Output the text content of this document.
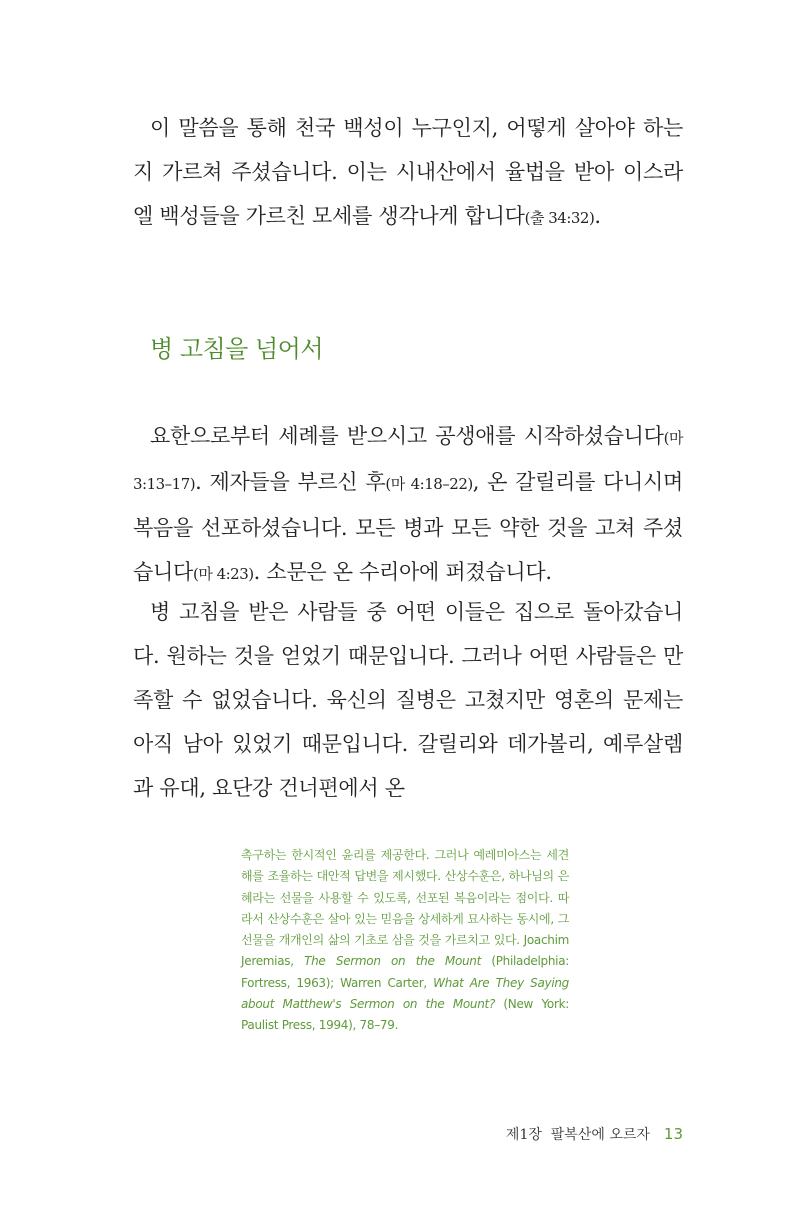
이 말씀을 통해 천국 백성이 누구인지, 어떻게 살아야 하는지 가르쳐 주셨습니다. 이는 시내산에서 율법을 받아 이스라엘 백성들을 가르친 모세를 생각나게 합니다(출 34:32).

병 고침을 넘어서

요한으로부터 세례를 받으시고 공생애를 시작하셨습니다(마 3:13–17). 제자들을 부르신 후(마 4:18–22), 온 갈릴리를 다니시며 복음을 선포하셨습니다. 모든 병과 모든 약한 것을 고쳐 주셨습니다(마 4:23). 소문은 온 수리아에 퍼졌습니다.

병 고침을 받은 사람들 중 어떤 이들은 집으로 돌아갔습니다. 원하는 것을 얻었기 때문입니다. 그러나 어떤 사람들은 만족할 수 없었습니다. 육신의 질병은 고쳤지만 영혼의 문제는 아직 남아 있었기 때문입니다. 갈릴리와 데가볼리, 예루살렘과 유대, 요단강 건너편에서 온

촉구하는 한시적인 윤리를 제공한다. 그러나 예레미아스는 세견해를 조율하는 대안적 답변을 제시했다. 산상수훈은, 하나님의 은혜라는 선물을 사용할 수 있도록, 선포된 복음이라는 점이다. 따라서 산상수훈은 살아 있는 믿음을 상세하게 묘사하는 동시에, 그 선물을 개개인의 삶의 기초로 삼을 것을 가르치고 있다. Joachim Jeremias, The Sermon on the Mount (Philadelphia: Fortress, 1963); Warren Carter, What Are They Saying about Matthew's Sermon on the Mount? (New York: Paulist Press, 1994), 78–79.

제1장  팔복산에 오르자 13
